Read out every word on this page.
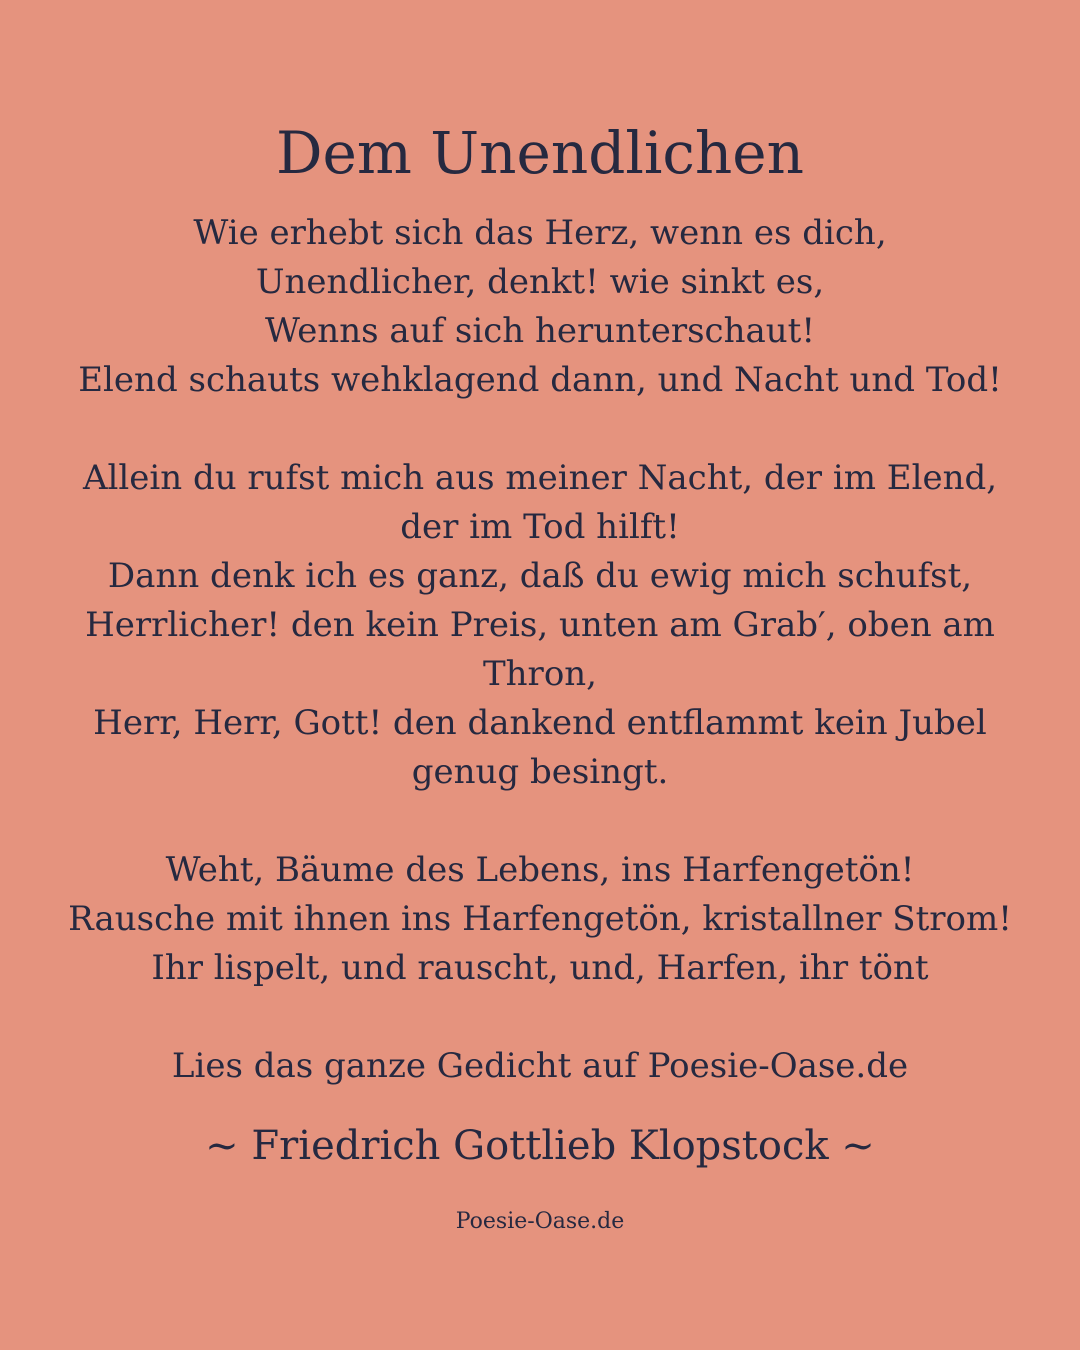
Dem Unendlichen
Wie erhebt sich das Herz, wenn es dich,
Unendlicher, denkt! wie sinkt es,
Wenns auf sich herunterschaut!
Elend schauts wehklagend dann, und Nacht und Tod!
Allein du rufst mich aus meiner Nacht, der im Elend,
der im Tod hilft!
Dann denk ich es ganz, daß du ewig mich schufst,
Herrlicher! den kein Preis, unten am Grab′, oben am
Thron,
Herr, Herr, Gott! den dankend entflammt kein Jubel
genug besingt.
Weht, Bäume des Lebens, ins Harfengetön!
Rausche mit ihnen ins Harfengetön, kristallner Strom!
Ihr lispelt, und rauscht, und, Harfen, ihr tönt
Lies das ganze Gedicht auf Poesie-Oase.de
~ Friedrich Gottlieb Klopstock ~
Poesie-Oase.de
